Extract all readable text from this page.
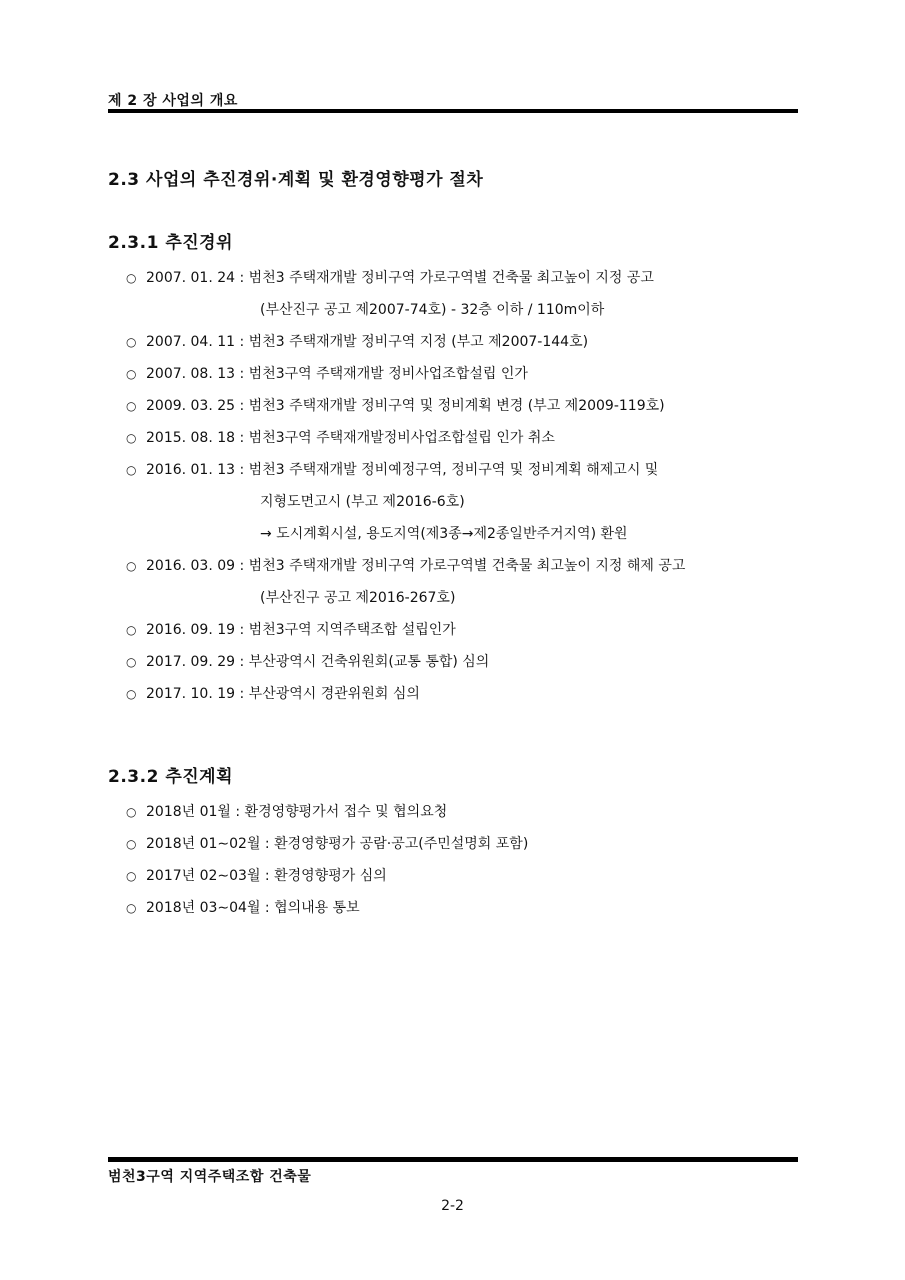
제 2 장 사업의 개요
2.3 사업의 추진경위·계획 및 환경영향평가 절차
2.3.1 추진경위
○ 2007. 01. 24 : 범천3 주택재개발 정비구역 가로구역별 건축물 최고높이 지정 공고
(부산진구 공고 제2007-74호) - 32층 이하 / 110m이하
○ 2007. 04. 11 : 범천3 주택재개발 정비구역 지정 (부고 제2007-144호)
○ 2007. 08. 13 : 범천3구역 주택재개발 정비사업조합설립 인가
○ 2009. 03. 25 : 범천3 주택재개발 정비구역 및 정비계획 변경 (부고 제2009-119호)
○ 2015. 08. 18 : 범천3구역 주택재개발정비사업조합설립 인가 취소
○ 2016. 01. 13 : 범천3 주택재개발 정비예정구역, 정비구역 및 정비계획 해제고시 및
지형도면고시 (부고 제2016-6호)
→ 도시계획시설, 용도지역(제3종→제2종일반주거지역) 환원
○ 2016. 03. 09 : 범천3 주택재개발 정비구역 가로구역별 건축물 최고높이 지정 해제 공고
(부산진구 공고 제2016-267호)
○ 2016. 09. 19 : 범천3구역 지역주택조합 설립인가
○ 2017. 09. 29 : 부산광역시 건축위원회(교통 통합) 심의
○ 2017. 10. 19 : 부산광역시 경관위원회 심의
2.3.2 추진계획
○ 2018년 01월 : 환경영향평가서 접수 및 협의요청
○ 2018년 01∼02월 : 환경영향평가 공람·공고(주민설명회 포함)
○ 2017년 02∼03월 : 환경영향평가 심의
○ 2018년 03∼04월 : 협의내용 통보
범천3구역 지역주택조합 건축물
2-2
